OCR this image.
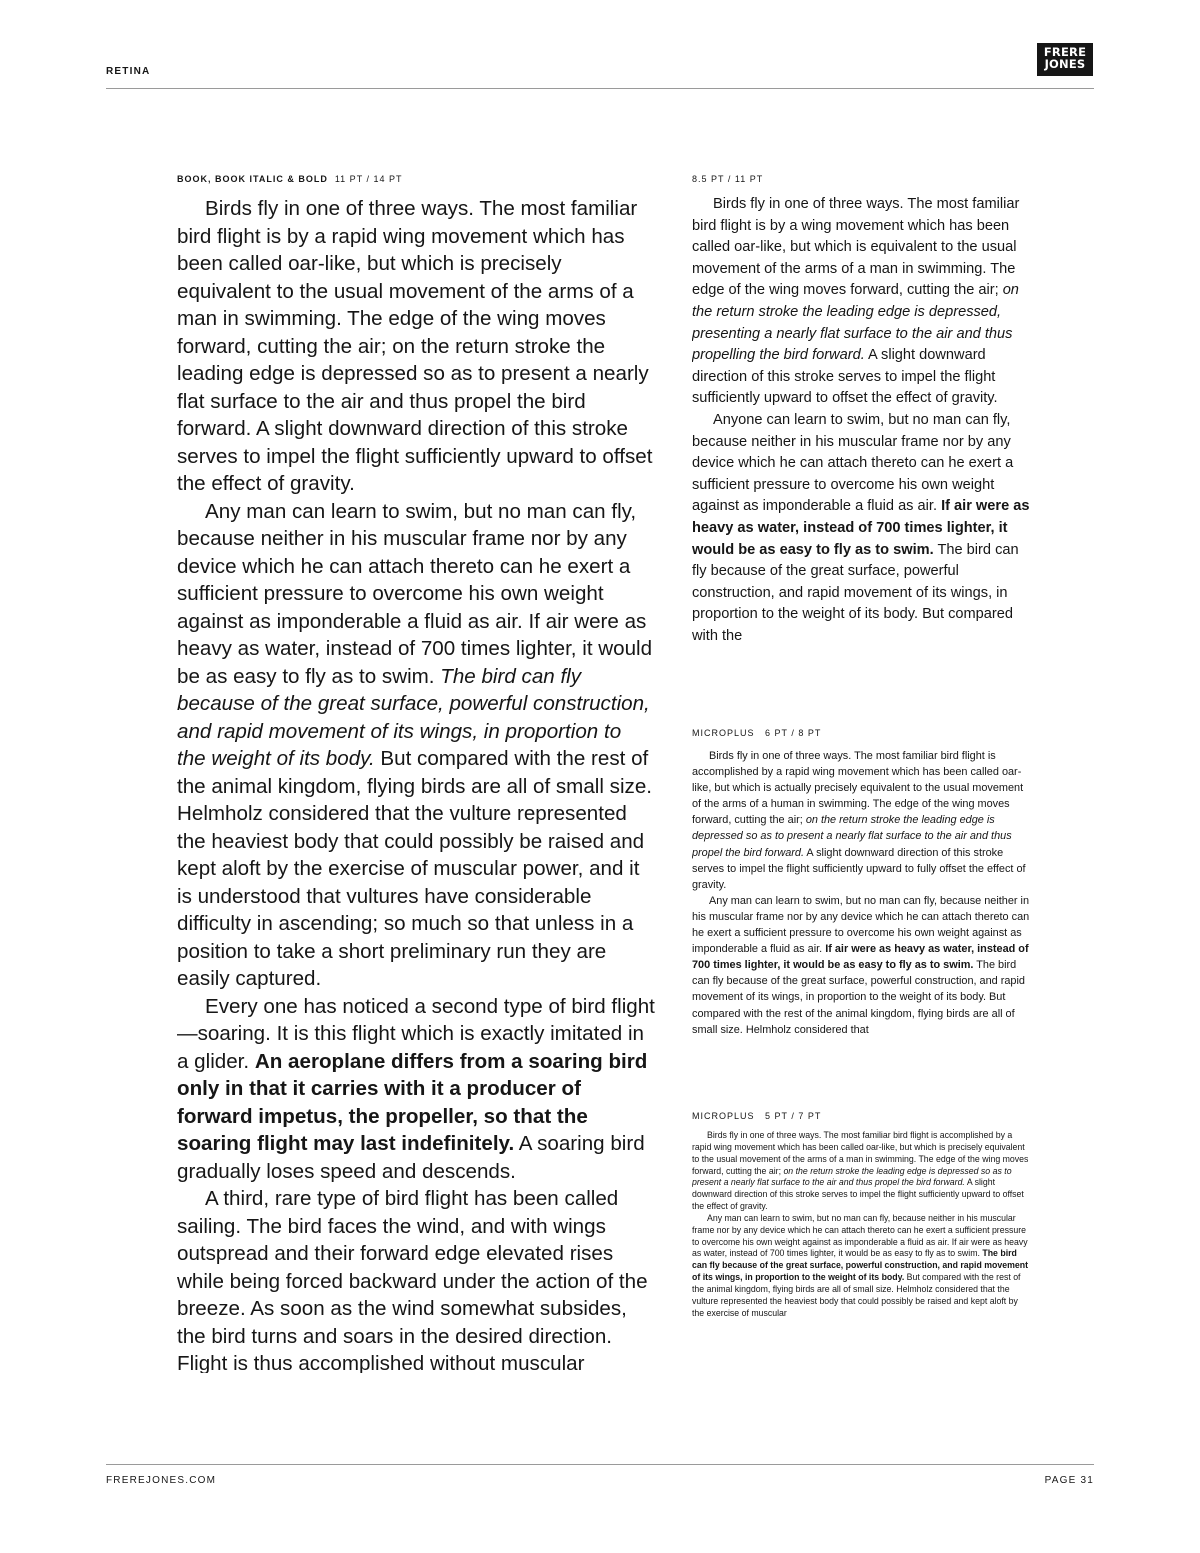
RETINA
FRERE
JONES
BOOK, BOOK ITALIC & BOLD 11 PT / 14 PT

Birds fly in one of three ways. The most familiar bird flight is by a rapid wing movement which has been called oar-like, but which is precisely equivalent to the usual movement of the arms of a man in swimming. The edge of the wing moves forward, cutting the air; on the return stroke the leading edge is depressed so as to present a nearly flat surface to the air and thus propel the bird forward. A slight downward direction of this stroke serves to impel the flight sufficiently upward to offset the effect of gravity.

Any man can learn to swim, but no man can fly, because neither in his muscular frame nor by any device which he can attach thereto can he exert a sufficient pressure to overcome his own weight against as imponderable a fluid as air. If air were as heavy as water, instead of 700 times lighter, it would be as easy to fly as to swim. The bird can fly because of the great surface, powerful construction, and rapid movement of its wings, in proportion to the weight of its body. But compared with the rest of the animal kingdom, flying birds are all of small size. Helmholz considered that the vulture represented the heaviest body that could possibly be raised and kept aloft by the exercise of muscular power, and it is understood that vultures have considerable difficulty in ascending; so much so that unless in a position to take a short preliminary run they are easily captured.

Every one has noticed a second type of bird flight—soaring. It is this flight which is exactly imitated in a glider. An aeroplane differs from a soaring bird only in that it carries with it a producer of forward impetus, the propeller, so that the soaring flight may last indefinitely. A soaring bird gradually loses speed and descends.

A third, rare type of bird flight has been called sailing. The bird faces the wind, and with wings outspread and their forward edge elevated rises while being forced backward under the action of the breeze. As soon as the wind somewhat subsides, the bird turns and soars in the desired direction. Flight is thus accomplished without muscular

8.5 PT / 11 PT

Birds fly in one of three ways. The most familiar bird flight is by a wing movement which has been called oar-like, but which is equivalent to the usual movement of the arms of a man in swimming. The edge of the wing moves forward, cutting the air; on the return stroke the leading edge is depressed, presenting a nearly flat surface to the air and thus propelling the bird forward. A slight downward direction of this stroke serves to impel the flight sufficiently upward to offset the effect of gravity.

Anyone can learn to swim, but no man can fly, because neither in his muscular frame nor by any device which he can attach thereto can he exert a sufficient pressure to overcome his own weight against as imponderable a fluid as air. If air were as heavy as water, instead of 700 times lighter, it would be as easy to fly as to swim. The bird can fly because of the great surface, powerful construction, and rapid movement of its wings, in proportion to the weight of its body. But compared with the

MICROPLUS 6 PT / 8 PT

Birds fly in one of three ways. The most familiar bird flight is accomplished by a rapid wing movement which has been called oar-like, but which is actually precisely equivalent to the usual movement of the arms of a human in swimming. The edge of the wing moves forward, cutting the air; on the return stroke the leading edge is depressed so as to present a nearly flat surface to the air and thus propel the bird forward. A slight downward direction of this stroke serves to impel the flight sufficiently upward to fully offset the effect of gravity.

Any man can learn to swim, but no man can fly, because neither in his muscular frame nor by any device which he can attach thereto can he exert a sufficient pressure to overcome his own weight against as imponderable a fluid as air. If air were as heavy as water, instead of 700 times lighter, it would be as easy to fly as to swim. The bird can fly because of the great surface, powerful construction, and rapid movement of its wings, in proportion to the weight of its body. But compared with the rest of the animal kingdom, flying birds are all of small size. Helmholz considered that

MICROPLUS 5 PT / 7 PT

Birds fly in one of three ways. The most familiar bird flight is accomplished by a rapid wing movement which has been called oar-like, but which is precisely equivalent to the usual movement of the arms of a man in swimming. The edge of the wing moves forward, cutting the air; on the return stroke the leading edge is depressed so as to present a nearly flat surface to the air and thus propel the bird forward. A slight downward direction of this stroke serves to impel the flight sufficiently upward to offset the effect of gravity.

Any man can learn to swim, but no man can fly, because neither in his muscular frame nor by any device which he can attach thereto can he exert a sufficient pressure to overcome his own weight against as imponderable a fluid as air. If air were as heavy as water, instead of 700 times lighter, it would be as easy to fly as to swim. The bird can fly because of the great surface, powerful construction, and rapid movement of its wings, in proportion to the weight of its body. But compared with the rest of the animal kingdom, flying birds are all of small size. Helmholz considered that the vulture represented the heaviest body that could possibly be raised and kept aloft by the exercise of muscular

FREREJONES.COM	PAGE 31
